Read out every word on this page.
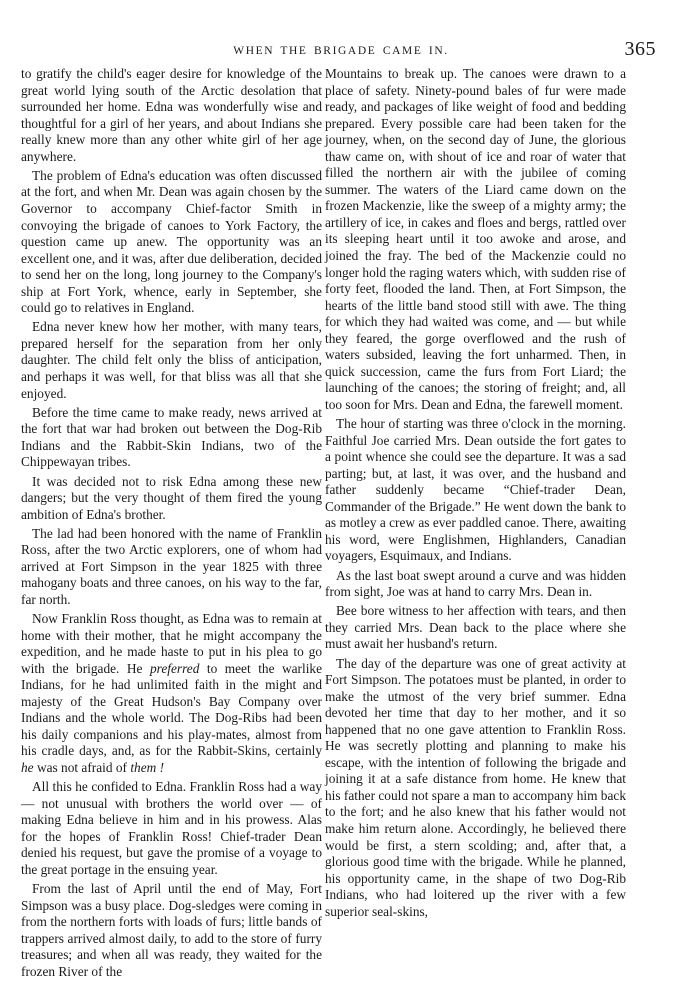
WHEN THE BRIGADE CAME IN.	365

to gratify the child's eager desire for knowledge of the great world lying south of the Arctic desolation that surrounded her home. Edna was wonderfully wise and thoughtful for a girl of her years, and about Indians she really knew more than any other white girl of her age anywhere.

The problem of Edna's education was often discussed at the fort, and when Mr. Dean was again chosen by the Governor to accompany Chief-factor Smith in convoying the brigade of canoes to York Factory, the question came up anew. The opportunity was an excellent one, and it was, after due deliberation, decided to send her on the long, long journey to the Company's ship at Fort York, whence, early in September, she could go to relatives in England.

Edna never knew how her mother, with many tears, prepared herself for the separation from her only daughter. The child felt only the bliss of anticipation, and perhaps it was well, for that bliss was all that she enjoyed.

Before the time came to make ready, news arrived at the fort that war had broken out between the Dog-Rib Indians and the Rabbit-Skin Indians, two of the Chippewayan tribes.

It was decided not to risk Edna among these new dangers; but the very thought of them fired the young ambition of Edna's brother.

The lad had been honored with the name of Franklin Ross, after the two Arctic explorers, one of whom had arrived at Fort Simpson in the year 1825 with three mahogany boats and three canoes, on his way to the far, far north.

Now Franklin Ross thought, as Edna was to remain at home with their mother, that he might accompany the expedition, and he made haste to put in his plea to go with the brigade. He preferred to meet the warlike Indians, for he had unlimited faith in the might and majesty of the Great Hudson's Bay Company over Indians and the whole world. The Dog-Ribs had been his daily companions and his play-mates, almost from his cradle days, and, as for the Rabbit-Skins, certainly he was not afraid of them !

All this he confided to Edna. Franklin Ross had a way — not unusual with brothers the world over — of making Edna believe in him and in his prowess. Alas for the hopes of Franklin Ross! Chief-trader Dean denied his request, but gave the promise of a voyage to the great portage in the ensuing year.

From the last of April until the end of May, Fort Simpson was a busy place. Dog-sledges were coming in from the northern forts with loads of furs; little bands of trappers arrived almost daily, to add to the store of furry treasures; and when all was ready, they waited for the frozen River of the

Mountains to break up. The canoes were drawn to a place of safety. Ninety-pound bales of fur were made ready, and packages of like weight of food and bedding prepared. Every possible care had been taken for the journey, when, on the second day of June, the glorious thaw came on, with shout of ice and roar of water that filled the northern air with the jubilee of coming summer. The waters of the Liard came down on the frozen Mackenzie, like the sweep of a mighty army; the artillery of ice, in cakes and floes and bergs, rattled over its sleeping heart until it too awoke and arose, and joined the fray. The bed of the Mackenzie could no longer hold the raging waters which, with sudden rise of forty feet, flooded the land. Then, at Fort Simpson, the hearts of the little band stood still with awe. The thing for which they had waited was come, and — but while they feared, the gorge overflowed and the rush of waters subsided, leaving the fort unharmed. Then, in quick succession, came the furs from Fort Liard; the launching of the canoes; the storing of freight; and, all too soon for Mrs. Dean and Edna, the farewell moment.

The hour of starting was three o'clock in the morning. Faithful Joe carried Mrs. Dean outside the fort gates to a point whence she could see the departure. It was a sad parting; but, at last, it was over, and the husband and father suddenly became “Chief-trader Dean, Commander of the Brigade.” He went down the bank to as motley a crew as ever paddled canoe. There, awaiting his word, were Englishmen, Highlanders, Canadian voyagers, Esquimaux, and Indians.

As the last boat swept around a curve and was hidden from sight, Joe was at hand to carry Mrs. Dean in.

Bee bore witness to her affection with tears, and then they carried Mrs. Dean back to the place where she must await her husband's return.

The day of the departure was one of great activity at Fort Simpson. The potatoes must be planted, in order to make the utmost of the very brief summer. Edna devoted her time that day to her mother, and it so happened that no one gave attention to Franklin Ross. He was secretly plotting and planning to make his escape, with the intention of following the brigade and joining it at a safe distance from home. He knew that his father could not spare a man to accompany him back to the fort; and he also knew that his father would not make him return alone. Accordingly, he believed there would be first, a stern scolding; and, after that, a glorious good time with the brigade. While he planned, his opportunity came, in the shape of two Dog-Rib Indians, who had loitered up the river with a few superior seal-skins,
